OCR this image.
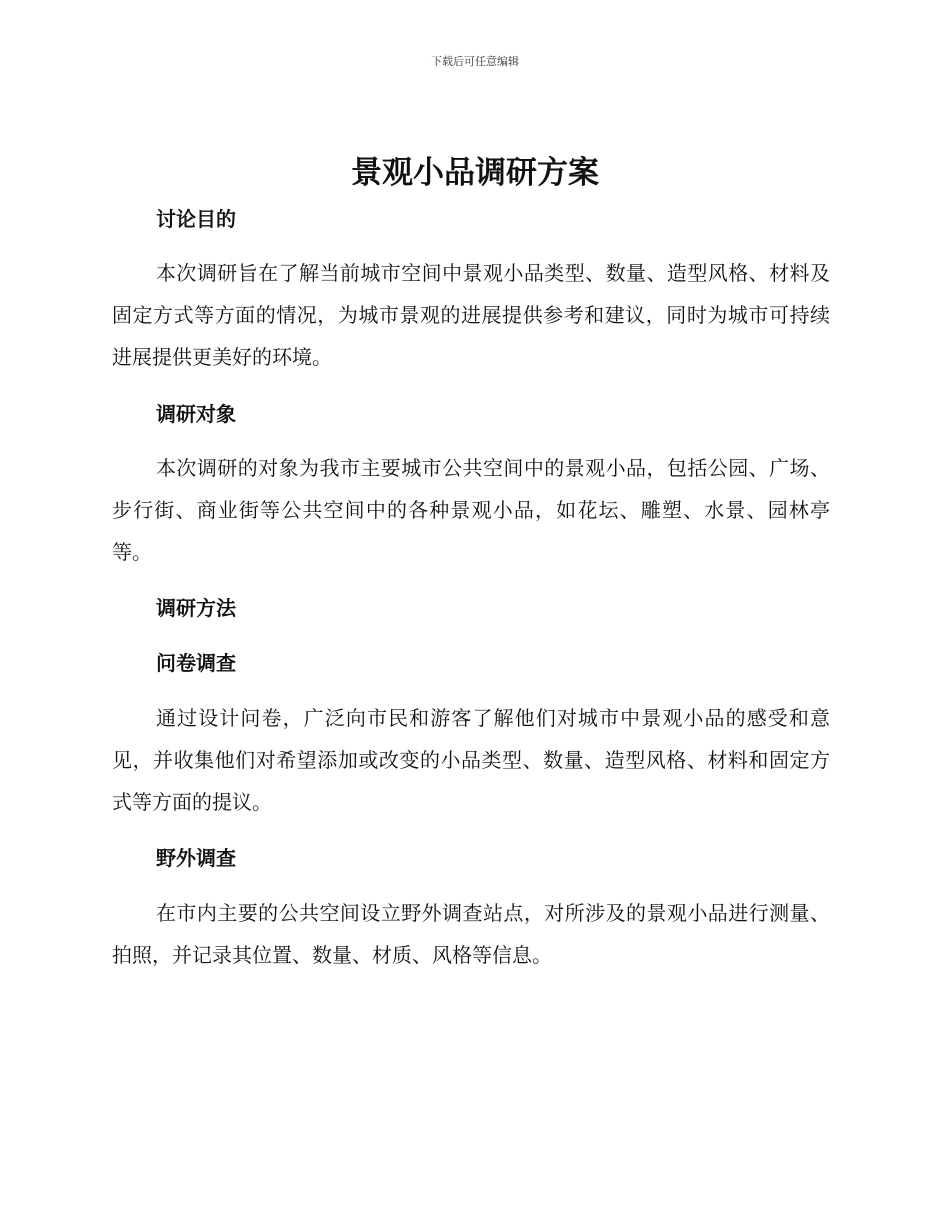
下载后可任意编辑
景观小品调研方案
讨论目的

本次调研旨在了解当前城市空间中景观小品类型、数量、造型风格、材料及固定方式等方面的情况，为城市景观的进展提供参考和建议，同时为城市可持续进展提供更美好的环境。

调研对象

本次调研的对象为我市主要城市公共空间中的景观小品，包括公园、广场、步行街、商业街等公共空间中的各种景观小品，如花坛、雕塑、水景、园林亭等。

调研方法
问卷调查

通过设计问卷，广泛向市民和游客了解他们对城市中景观小品的感受和意见，并收集他们对希望添加或改变的小品类型、数量、造型风格、材料和固定方式等方面的提议。

野外调查

在市内主要的公共空间设立野外调查站点，对所涉及的景观小品进行测量、拍照，并记录其位置、数量、材质、风格等信息。
